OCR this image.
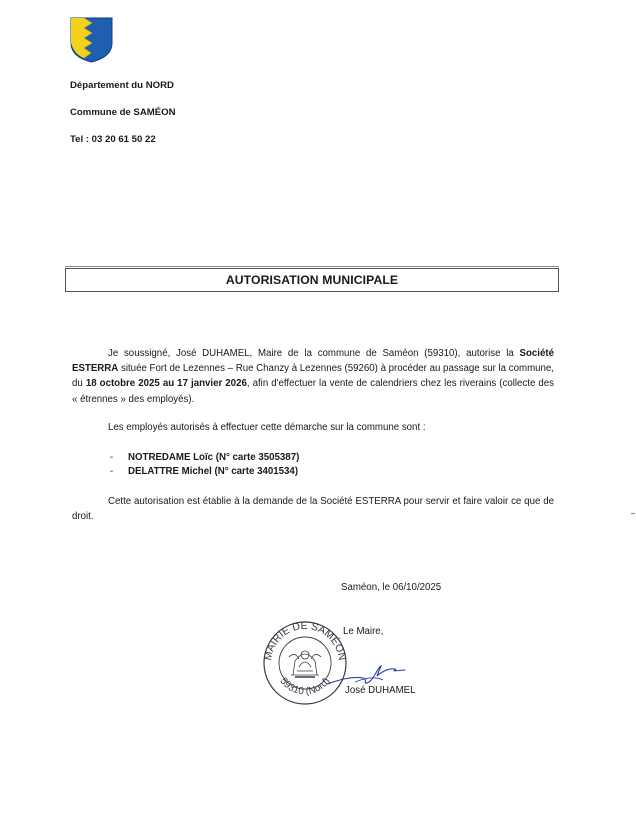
Département du NORD
Commune de SAMÉON
Tel : 03 20 61 50 22
AUTORISATION MUNICIPALE
Je soussigné, José DUHAMEL, Maire de la commune de Saméon (59310), autorise la Société ESTERRA située Fort de Lezennes – Rue Chanzy à Lezennes (59260) à procéder au passage sur la commune, du 18 octobre 2025 au 17 janvier 2026, afin d'effectuer la vente de calendriers chez les riverains (collecte des « étrennes » des employés).
Les employés autorisés à effectuer cette démarche sur la commune sont :
- NOTREDAME Loïc (N° carte 3505387)
- DELATTRE Michel (N° carte 3401534)
Cette autorisation est établie à la demande de la Société ESTERRA pour servir et faire valoir ce que de droit.
Saméon, le 06/10/2025
MAIRIE DE SAMÉON
59310 (Nord)
Le Maire,
José DUHAMEL
